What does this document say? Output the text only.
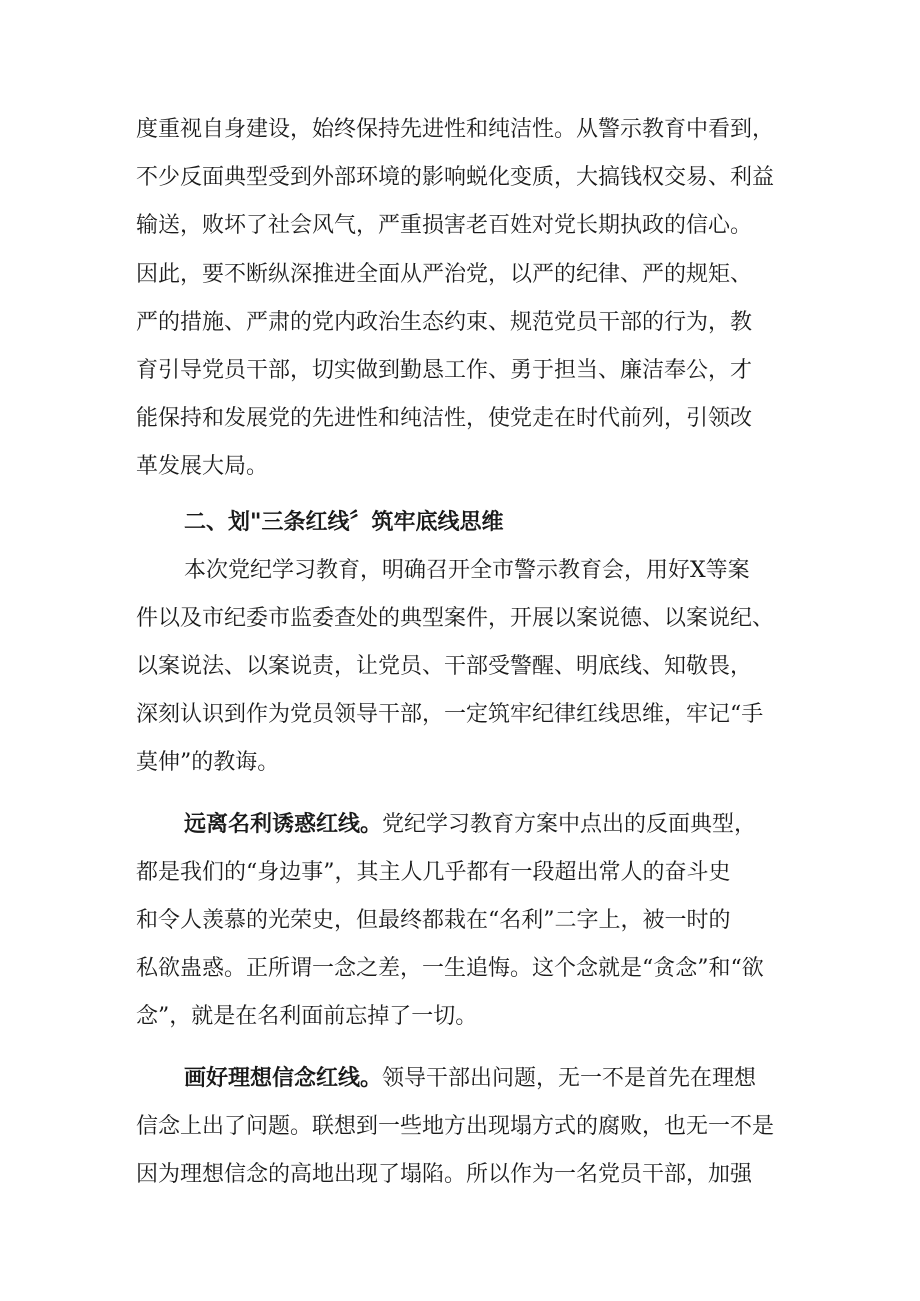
度重视自身建设，始终保持先进性和纯洁性。从警示教育中看到，
不少反面典型受到外部环境的影响蜕化变质，大搞钱权交易、利益
输送，败坏了社会风气，严重损害老百姓对党长期执政的信心。
因此，要不断纵深推进全面从严治党，以严的纪律、严的规矩、
严的措施、严肃的党内政治生态约束、规范党员干部的行为，教
育引导党员干部，切实做到勤恳工作、勇于担当、廉洁奉公，才
能保持和发展党的先进性和纯洁性，使党走在时代前列，引领改
革发展大局。
二、划"三条红线〞筑牢底线思维
本次党纪学习教育，明确召开全市警示教育会，用好X等案
件以及市纪委市监委查处的典型案件，开展以案说德、以案说纪、
以案说法、以案说责，让党员、干部受警醒、明底线、知敬畏，
深刻认识到作为党员领导干部，一定筑牢纪律红线思维，牢记“手
莫伸”的教诲。
远离名利诱惑红线。党纪学习教育方案中点出的反面典型，
都是我们的“身边事”，其主人几乎都有一段超出常人的奋斗史
和令人羡慕的光荣史，但最终都栽在“名利”二字上，被一时的
私欲蛊惑。正所谓一念之差，一生追悔。这个念就是“贪念”和“欲
念”，就是在名利面前忘掉了一切。
画好理想信念红线。领导干部出问题，无一不是首先在理想
信念上出了问题。联想到一些地方出现塌方式的腐败，也无一不是
因为理想信念的高地出现了塌陷。所以作为一名党员干部，加强
